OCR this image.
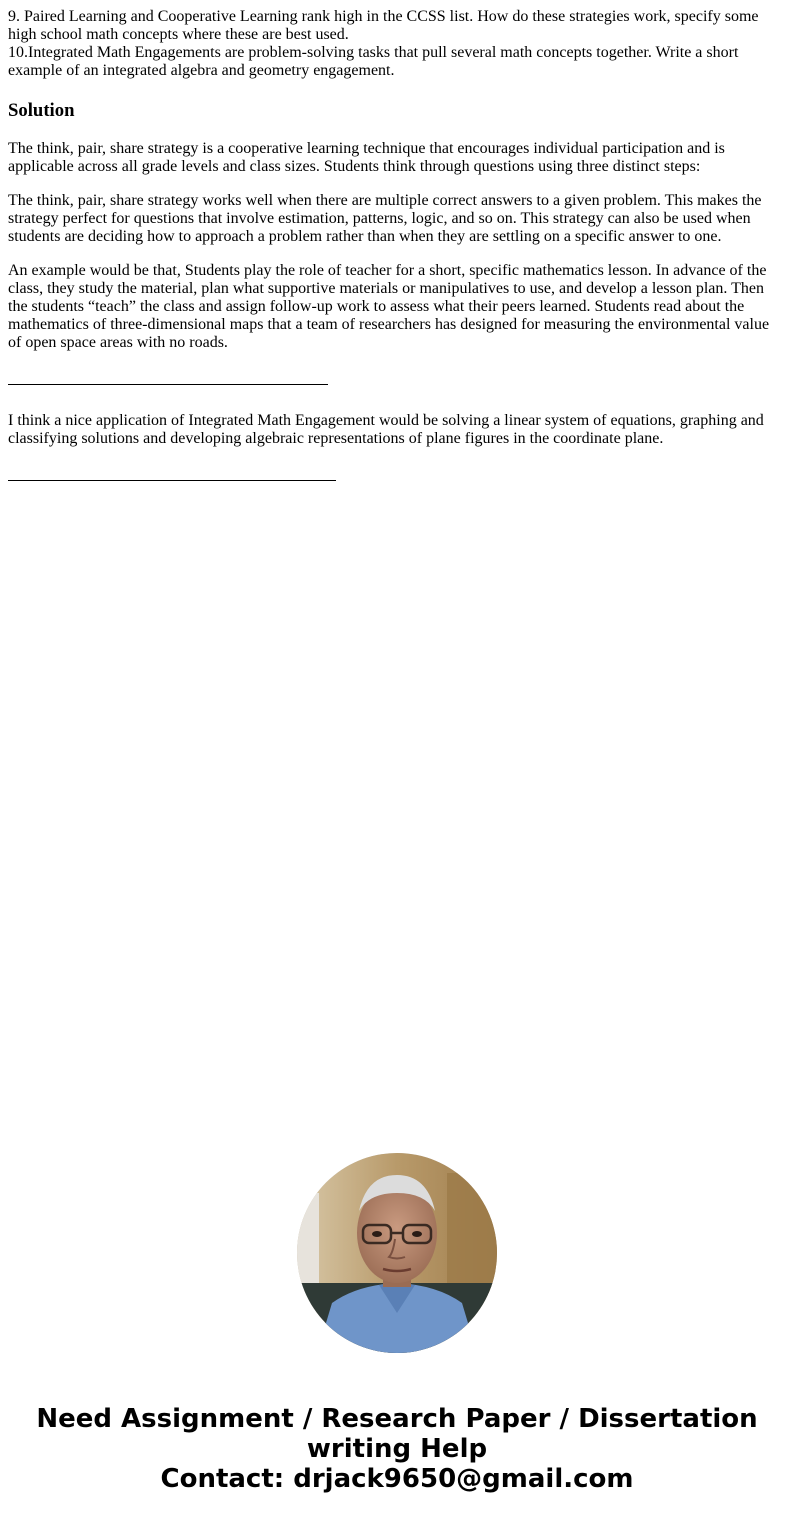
9. Paired Learning and Cooperative Learning rank high in the CCSS list. How do these strategies work, specify some high school math concepts where these are best used.
10.Integrated Math Engagements are problem-solving tasks that pull several math concepts together. Write a short example of an integrated algebra and geometry engagement.
Solution

The think, pair, share strategy is a cooperative learning technique that encourages individual participation and is applicable across all grade levels and class sizes. Students think through questions using three distinct steps:

The think, pair, share strategy works well when there are multiple correct answers to a given problem. This makes the strategy perfect for questions that involve estimation, patterns, logic, and so on. This strategy can also be used when students are deciding how to approach a problem rather than when they are settling on a specific answer to one.

An example would be that, Students play the role of teacher for a short, specific mathematics lesson. In advance of the class, they study the material, plan what supportive materials or manipulatives to use, and develop a lesson plan. Then the students “teach” the class and assign follow-up work to assess what their peers learned. Students read about the mathematics of three-dimensional maps that a team of researchers has designed for measuring the environmental value of open space areas with no roads.

I think a nice application of Integrated Math Engagement would be solving a linear system of equations, graphing and classifying solutions and developing algebraic representations of plane figures in the coordinate plane.

Need Assignment / Research Paper / Dissertation
writing Help
Contact: drjack9650@gmail.com
